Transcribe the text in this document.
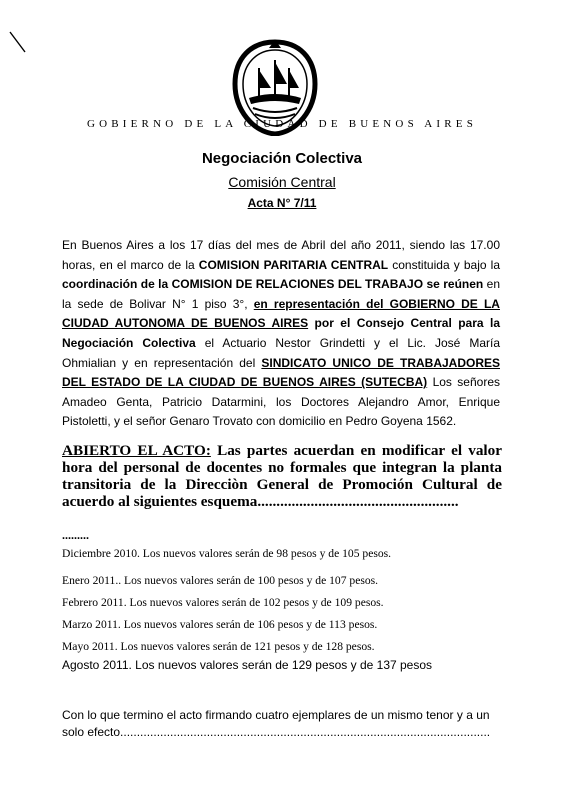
GOBIERNO DE LA CIUDAD DE BUENOS AIRES
Negociación Colectiva
Comisión Central
Acta N° 7/11
En Buenos Aires a los 17 días del mes de Abril del año 2011, siendo las 17.00 horas, en el marco de la COMISION PARITARIA CENTRAL constituida y bajo la coordinación de la COMISION DE RELACIONES DEL TRABAJO se reúnen en la sede de Bolivar N° 1 piso 3°, en representación del GOBIERNO DE LA CIUDAD AUTONOMA DE BUENOS AIRES por el Consejo Central para la Negociación Colectiva el Actuario Nestor Grindetti y el Lic. José María Ohmialian y en representación del SINDICATO UNICO DE TRABAJADORES DEL ESTADO DE LA CIUDAD DE BUENOS AIRES (SUTECBA) Los señores Amadeo Genta, Patricio Datarmini, los Doctores Alejandro Amor, Enrique Pistoletti, y el señor Genaro Trovato con domicilio en Pedro Goyena 1562.
ABIERTO EL ACTO: Las partes acuerdan en modificar el valor hora del personal de docentes no formales que integran la planta transitoria de la Direcciòn General de Promoción Cultural de acuerdo al siguientes esquema.....................................................
.........
Diciembre 2010. Los nuevos valores serán de 98 pesos y de 105 pesos.
Enero 2011.. Los nuevos valores serán de 100 pesos y de 107 pesos.
Febrero 2011. Los nuevos valores serán de 102 pesos y de 109 pesos.
Marzo 2011. Los nuevos valores serán de 106 pesos y de 113 pesos.
Mayo 2011. Los nuevos valores serán de 121 pesos y de 128 pesos.
Agosto 2011. Los nuevos valores serán de 129 pesos y de 137 pesos
Con lo que termino el acto firmando cuatro ejemplares de un mismo tenor y a un solo efecto...............................................................................................................
